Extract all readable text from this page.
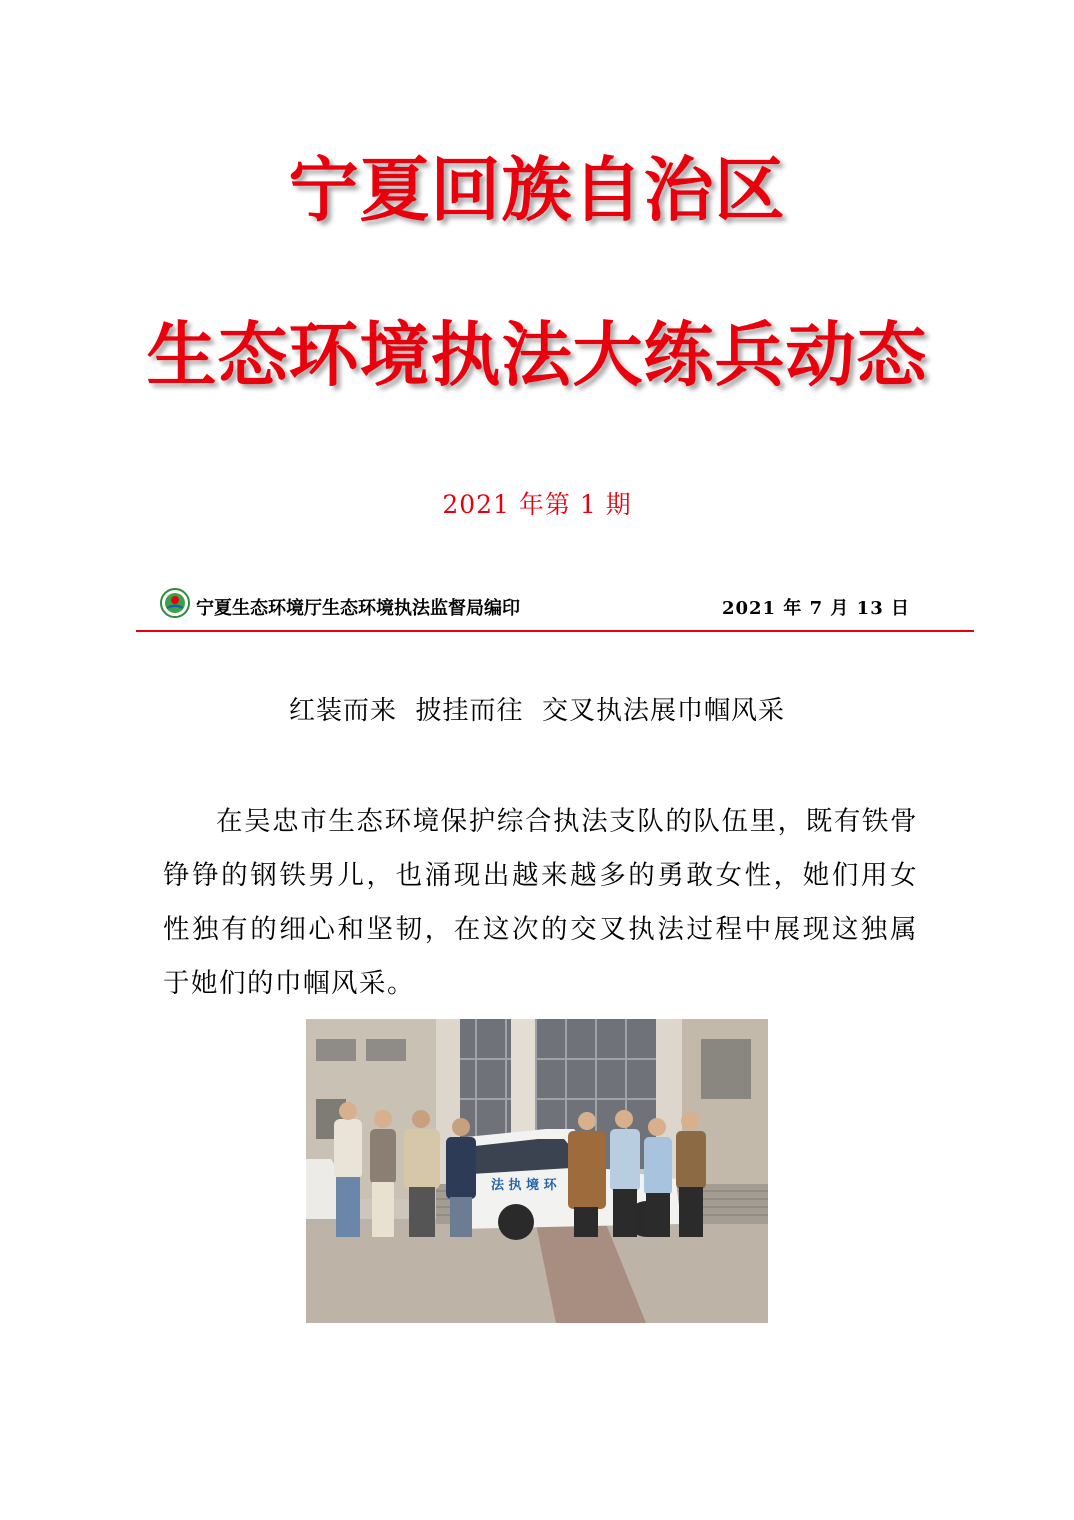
宁夏回族自治区
生态环境执法大练兵动态
2021 年第 1 期
宁夏生态环境厅生态环境执法监督局编印	2021 年 7 月 13 日
红装而来  披挂而往  交叉执法展巾帼风采

在吴忠市生态环境保护综合执法支队的队伍里，既有铁骨铮铮的钢铁男儿，也涌现出越来越多的勇敢女性，她们用女性独有的细心和坚韧，在这次的交叉执法过程中展现这独属于她们的巾帼风采。

法 执 境 环
